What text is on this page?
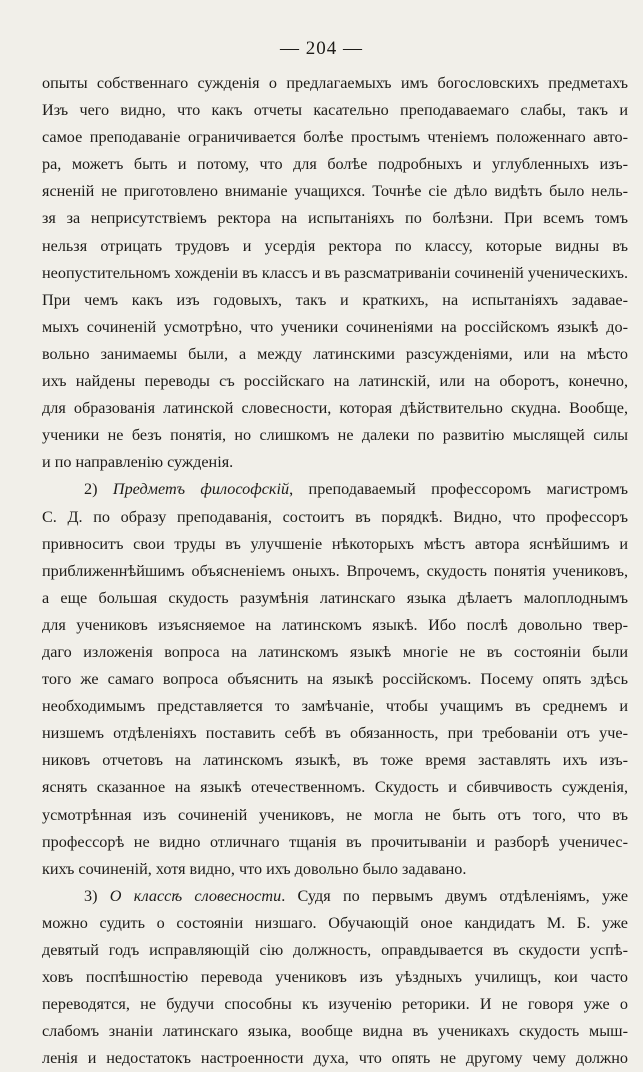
— 204 —
опыты собственнаго сужденія о предлагаемыхъ имъ богословскихъ предметахъ
Изъ чего видно, что какъ отчеты касательно преподаваемаго слабы, такъ и
самое преподаваніе ограничивается болѣе простымъ чтеніемъ положеннаго авто-
ра, можетъ быть и потому, что для болѣе подробныхъ и углубленныхъ изъ-
ясненій не приготовлено вниманіе учащихся. Точнѣе сіе дѣло видѣть было нель-
зя за неприсутствіемъ ректора на испытаніяхъ по болѣзни. При всемъ томъ
нельзя отрицать трудовъ и усердія ректора по классу, которые видны въ
неопустительномъ хожденіи въ классъ и въ разсматриваніи сочиненій ученическихъ.
При чемъ какъ изъ годовыхъ, такъ и краткихъ, на испытаніяхъ задавае-
мыхъ сочиненій усмотрѣно, что ученики сочиненіями на россійскомъ языкѣ до-
вольно занимаемы были, а между латинскими разсужденіями, или на мѣсто
ихъ найдены переводы съ россійскаго на латинскій, или на оборотъ, конечно,
для образованія латинской словесности, которая дѣйствительно скудна. Вообще,
ученики не безъ понятія, но слишкомъ не далеки по развитію мыслящей силы
и по направленію сужденія.
2) Предметъ философскій, преподаваемый профессоромъ магистромъ
С. Д. по образу преподаванія, состоитъ въ порядкѣ. Видно, что профессоръ
привноситъ свои труды въ улучшеніе нѣкоторыхъ мѣстъ автора яснѣйшимъ и
приближеннѣйшимъ объясненіемъ оныхъ. Впрочемъ, скудость понятія учениковъ,
а еще большая скудость разумѣнія латинскаго языка дѣлаетъ малоплоднымъ
для учениковъ изъясняемое на латинскомъ языкѣ. Ибо послѣ довольно твер-
даго изложенія вопроса на латинскомъ языкѣ многіе не въ состояніи были
того же самаго вопроса объяснить на языкѣ россійскомъ. Посему опять здѣсь
необходимымъ представляется то замѣчаніе, чтобы учащимъ въ среднемъ и
низшемъ отдѣленіяхъ поставить себѣ въ обязанность, при требованіи отъ уче-
никовъ отчетовъ на латинскомъ языкѣ, въ тоже время заставлять ихъ изъ-
яснять сказанное на языкѣ отечественномъ. Скудость и сбивчивость сужденія,
усмотрѣнная изъ сочиненій учениковъ, не могла не быть отъ того, что въ
профессорѣ не видно отличнаго тщанія въ прочитываніи и разборѣ ученичес-
кихъ сочиненій, хотя видно, что ихъ довольно было задавано.
3) О классѣ словесности. Судя по первымъ двумъ отдѣленіямъ, уже
можно судить о состояніи низшаго. Обучающій оное кандидатъ М. Б. уже
девятый годъ исправляющій сію должность, оправдывается въ скудости успѣ-
ховъ поспѣшностію перевода учениковъ изъ уѣздныхъ училищъ, кои часто
переводятся, не будучи способны къ изученію реторики. И не говоря уже о
слабомъ знаніи латинскаго языка, вообще видна въ ученикахъ скудость мыш-
ленія и недостатокъ настроенности духа, что опять не другому чему должно
